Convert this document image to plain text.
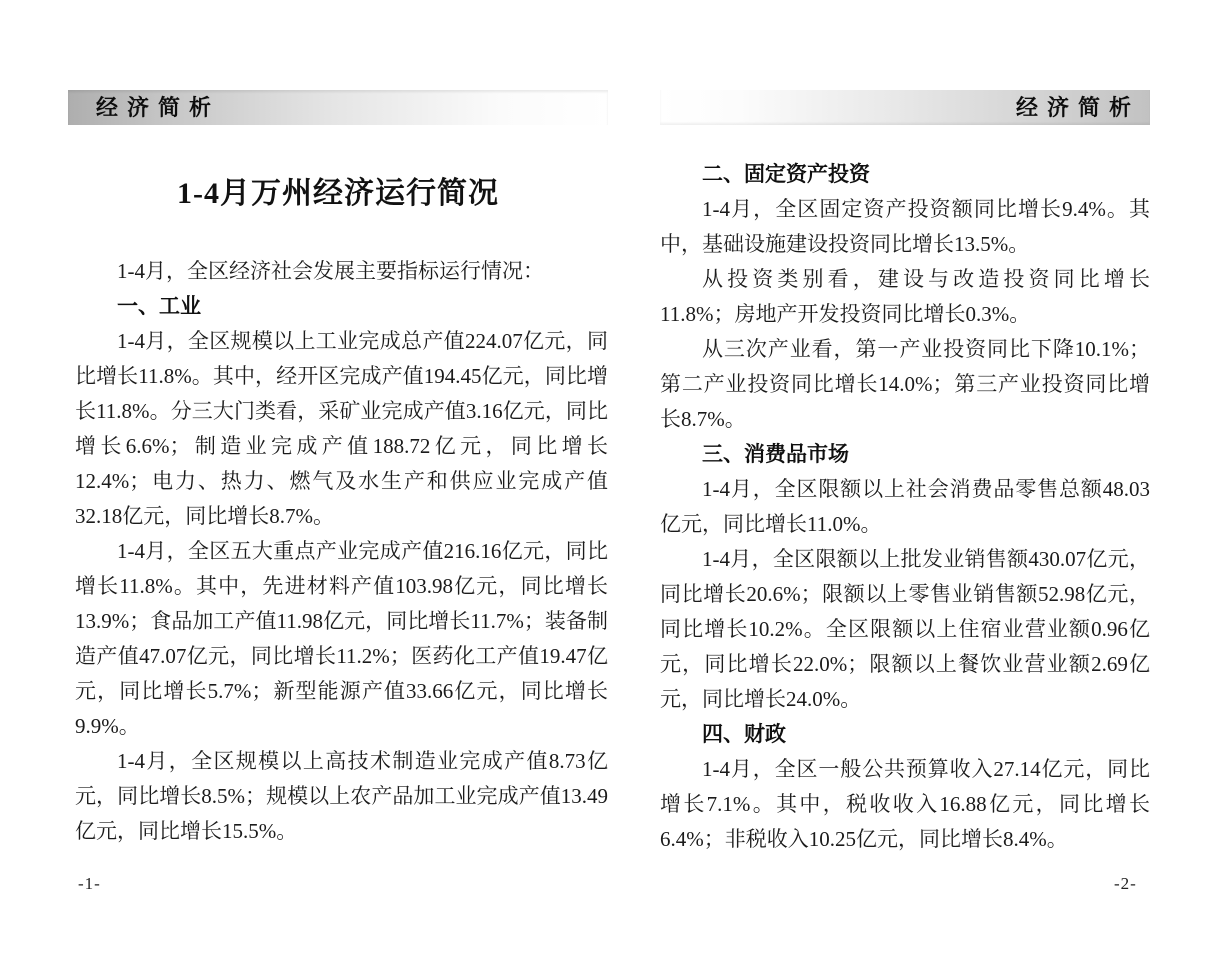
经济简析
1-4月万州经济运行简况

1-4月，全区经济社会发展主要指标运行情况：

一、工业

1-4月，全区规模以上工业完成总产值224.07亿元，同比增长11.8%。其中，经开区完成产值194.45亿元，同比增长11.8%。分三大门类看，采矿业完成产值3.16亿元，同比增长6.6%；制造业完成产值188.72亿元，同比增长12.4%；电力、热力、燃气及水生产和供应业完成产值32.18亿元，同比增长8.7%。

1-4月，全区五大重点产业完成产值216.16亿元，同比增长11.8%。其中，先进材料产值103.98亿元，同比增长13.9%；食品加工产值11.98亿元，同比增长11.7%；装备制造产值47.07亿元，同比增长11.2%；医药化工产值19.47亿元，同比增长5.7%；新型能源产值33.66亿元，同比增长9.9%。

1-4月，全区规模以上高技术制造业完成产值8.73亿元，同比增长8.5%；规模以上农产品加工业完成产值13.49亿元，同比增长15.5%。

经济简析

二、固定资产投资

1-4月，全区固定资产投资额同比增长9.4%。其中，基础设施建设投资同比增长13.5%。

从投资类别看，建设与改造投资同比增长11.8%；房地产开发投资同比增长0.3%。

从三次产业看，第一产业投资同比下降10.1%；第二产业投资同比增长14.0%；第三产业投资同比增长8.7%。

三、消费品市场

1-4月，全区限额以上社会消费品零售总额48.03亿元，同比增长11.0%。

1-4月，全区限额以上批发业销售额430.07亿元，同比增长20.6%；限额以上零售业销售额52.98亿元，同比增长10.2%。全区限额以上住宿业营业额0.96亿元，同比增长22.0%；限额以上餐饮业营业额2.69亿元，同比增长24.0%。

四、财政

1-4月，全区一般公共预算收入27.14亿元，同比增长7.1%。其中，税收收入16.88亿元，同比增长6.4%；非税收入10.25亿元，同比增长8.4%。

-1-	-2-
